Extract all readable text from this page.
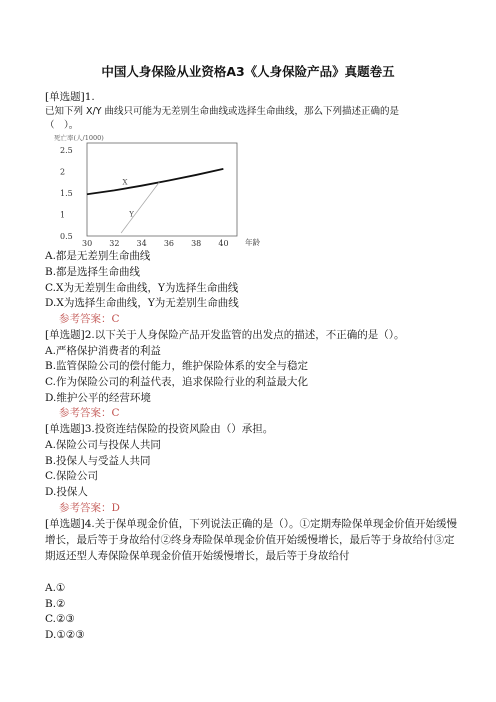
中国人身保险从业资格A3《人身保险产品》真题卷五
[单选题]1.
已知下列 X/Y 曲线只可能为无差别生命曲线或选择生命曲线，那么下列描述正确的是
（　）。
死亡率(人/1000)
2.5
2
1.5
1
0.5
30 32 34 36 38 40
X
Y
年龄
A.都是无差别生命曲线
B.都是选择生命曲线
C.X为无差别生命曲线，Y为选择生命曲线
D.X为选择生命曲线，Y为无差别生命曲线
参考答案：C
[单选题]2.以下关于人身保险产品开发监管的出发点的描述，不正确的是（）。
A.严格保护消费者的利益
B.监管保险公司的偿付能力，维护保险体系的安全与稳定
C.作为保险公司的利益代表，追求保险行业的利益最大化
D.维护公平的经营环境
参考答案：C
[单选题]3.投资连结保险的投资风险由（）承担。
A.保险公司与投保人共同
B.投保人与受益人共同
C.保险公司
D.投保人
参考答案：D
[单选题]4.关于保单现金价值，下列说法正确的是（）。①定期寿险保单现金价值开始缓慢增长，最后等于身故给付②终身寿险保单现金价值开始缓慢增长，最后等于身故给付③定期返还型人寿保险保单现金价值开始缓慢增长，最后等于身故给付
A.①
B.②
C.②③
D.①②③
